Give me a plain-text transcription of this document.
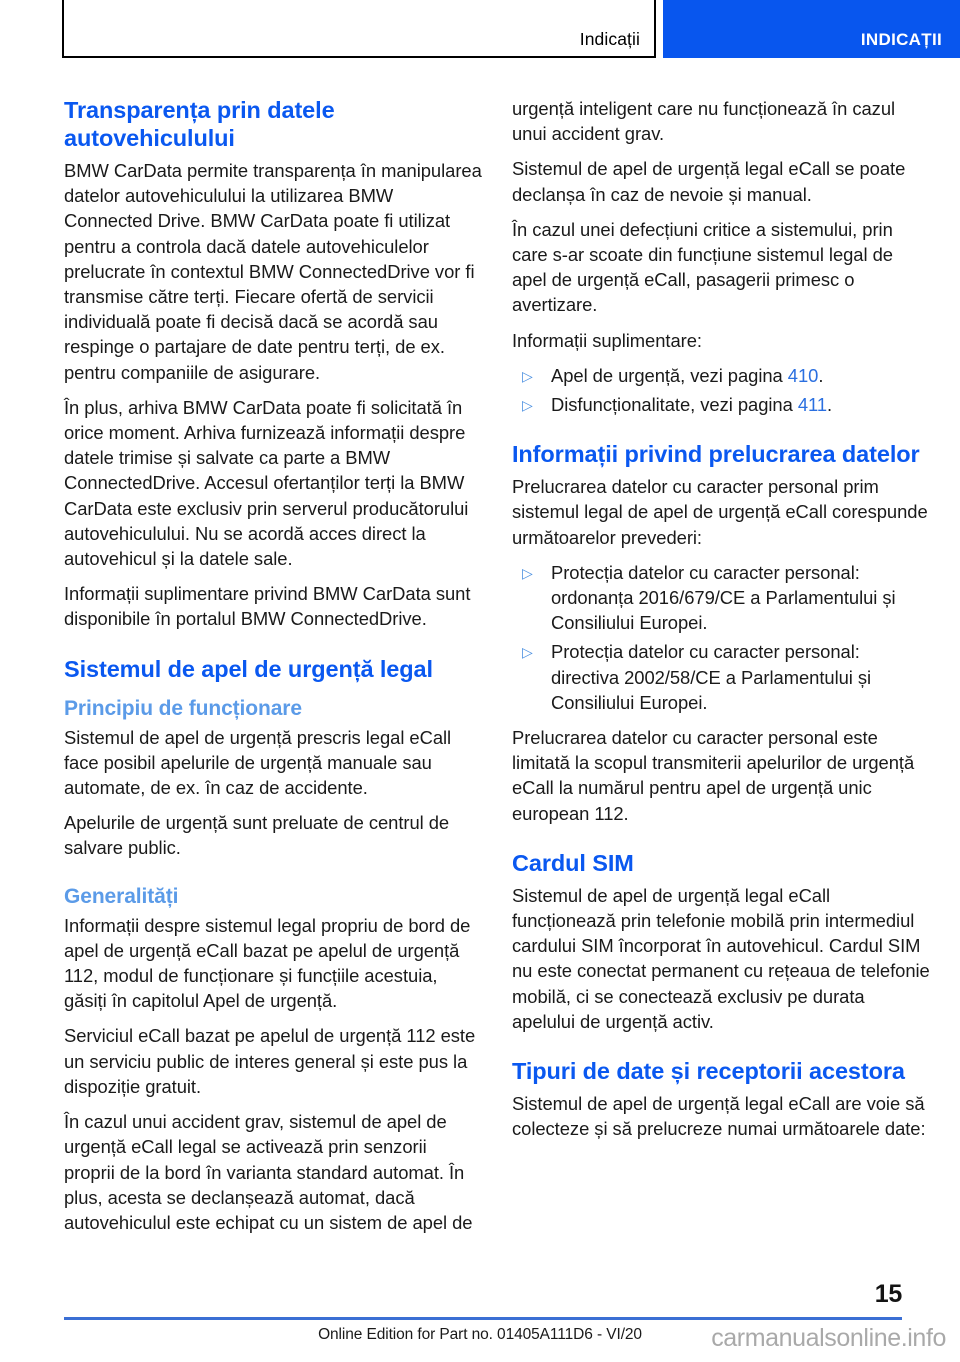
Indicații	INDICAȚII
Transparența prin datele autovehiculului

BMW CarData permite transparența în manipularea datelor autovehiculului la utilizarea BMW Connected Drive. BMW CarData poate fi utilizat pentru a controla dacă datele autovehiculelor prelucrate în contextul BMW ConnectedDrive vor fi transmise către terți. Fiecare ofertă de servicii individuală poate fi decisă dacă se acordă sau respinge o partajare de date pentru terți, de ex. pentru companiile de asigurare.

În plus, arhiva BMW CarData poate fi solicitată în orice moment. Arhiva furnizează informații despre datele trimise și salvate ca parte a BMW ConnectedDrive. Accesul ofertanților terți la BMW CarData este exclusiv prin serverul producătorului autovehiculului. Nu se acordă acces direct la autovehicul și la datele sale.

Informații suplimentare privind BMW CarData sunt disponibile în portalul BMW ConnectedDrive.

Sistemul de apel de urgență legal
Principiu de funcționare

Sistemul de apel de urgență prescris legal eCall face posibil apelurile de urgență manuale sau automate, de ex. în caz de accidente.

Apelurile de urgență sunt preluate de centrul de salvare public.

Generalități

Informații despre sistemul legal propriu de bord de apel de urgență eCall bazat pe apelul de urgență 112, modul de funcționare și funcțiile acestuia, găsiți în capitolul Apel de urgență.

Serviciul eCall bazat pe apelul de urgență 112 este un serviciu public de interes general și este pus la dispoziție gratuit.

În cazul unui accident grav, sistemul de apel de urgență eCall legal se activează prin senzorii proprii de la bord în varianta standard automat. În plus, acesta se declanșează automat, dacă autovehiculul este echipat cu un sistem de apel de

urgență inteligent care nu funcționează în cazul unui accident grav.

Sistemul de apel de urgență legal eCall se poate declanșa în caz de nevoie și manual.

În cazul unei defecțiuni critice a sistemului, prin care s-ar scoate din funcțiune sistemul legal de apel de urgență eCall, pasagerii primesc o avertizare.

Informații suplimentare:

▷ Apel de urgență, vezi pagina 410.
▷ Disfuncționalitate, vezi pagina 411.
Informații privind prelucrarea datelor

Prelucrarea datelor cu caracter personal prim sistemul legal de apel de urgență eCall corespunde următoarelor prevederi:

▷ Protecția datelor cu caracter personal: ordonanța 2016/679/CE a Parlamentului și Consiliului Europei.
▷ Protecția datelor cu caracter personal: directiva 2002/58/CE a Parlamentului și Consiliului Europei.

Prelucrarea datelor cu caracter personal este limitată la scopul transmiterii apelurilor de urgență eCall la numărul pentru apel de urgență unic european 112.

Cardul SIM

Sistemul de apel de urgență legal eCall funcționează prin telefonie mobilă prin intermediul cardului SIM încorporat în autovehicul. Cardul SIM nu este conectat permanent cu rețeaua de telefonie mobilă, ci se conectează exclusiv pe durata apelului de urgență activ.

Tipuri de date și receptorii acestora

Sistemul de apel de urgență legal eCall are voie să colecteze și să prelucreze numai următoarele date:

15
Online Edition for Part no. 01405A111D6 - VI/20	carmanualsonline.info
